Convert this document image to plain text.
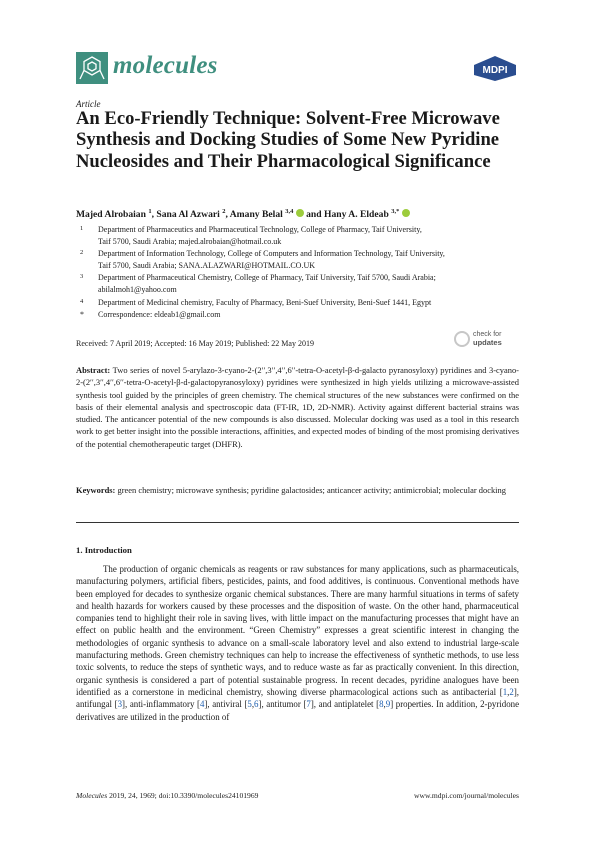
molecules	MDPI
Article
An Eco-Friendly Technique: Solvent-Free Microwave Synthesis and Docking Studies of Some New Pyridine Nucleosides and Their Pharmacological Significance
Majed Alrobaian $^1$, Sana Al Azwari $^2$, Amany Belal $^{3,4}$  and Hany A. Eldeab $^{3,*}$
1 Department of Pharmaceutics and Pharmaceutical Technology, College of Pharmacy, Taif University,
Taif 5700, Saudi Arabia; majed.alrobaian@hotmail.co.uk
2 Department of Information Technology, College of Computers and Information Technology, Taif University,
Taif 5700, Saudi Arabia; SANA.ALAZWARI@HOTMAIL.CO.UK
3 Department of Pharmaceutical Chemistry, College of Pharmacy, Taif University, Taif 5700, Saudi Arabia;
abilalmoh1@yahoo.com
4 Department of Medicinal chemistry, Faculty of Pharmacy, Beni-Suef University, Beni-Suef 1441, Egypt
* Correspondence: eldeab1@gmail.com
Received: 7 April 2019; Accepted: 16 May 2019; Published: 22 May 2019
check for
updates
Abstract: Two series of novel 5-arylazo-3-cyano-2-(2′′,3′′,4′′,6′′-tetra-O-acetyl-β-d-galacto pyranosyloxy) pyridines and 3-cyano-2-(2′′,3′′,4′′,6′′-tetra-O-acetyl-β-d-galactopyranosyloxy) pyridines were synthesized in high yields utilizing a microwave-assisted synthesis tool guided by the principles of green chemistry. The chemical structures of the new substances were confirmed on the basis of their elemental analysis and spectroscopic data (FT-IR, 1D, 2D-NMR). Activity against different bacterial strains was studied. The anticancer potential of the new compounds is also discussed. Molecular docking was used as a tool in this research work to get better insight into the possible interactions, affinities, and expected modes of binding of the most promising derivatives of the potential chemotherapeutic target (DHFR).
Keywords: green chemistry; microwave synthesis; pyridine galactosides; anticancer activity; antimicrobial; molecular docking
1. Introduction
The production of organic chemicals as reagents or raw substances for many applications, such as pharmaceuticals, manufacturing polymers, artificial fibers, pesticides, paints, and food additives, is continuous. Conventional methods have been employed for decades to synthesize organic chemical substances. There are many harmful situations in terms of safety and health hazards for workers caused by these processes and the disposition of waste. On the other hand, pharmaceutical companies tend to highlight their role in saving lives, with little impact on the manufacturing processes that might have an effect on public health and the environment. “Green Chemistry” expresses a great scientific interest in changing the methodologies of organic synthesis to advance on a small-scale laboratory level and also extend to industrial large-scale manufacturing methods. Green chemistry techniques can help to increase the effectiveness of synthetic methods, to use less toxic solvents, to reduce the steps of synthetic ways, and to reduce waste as far as practically convenient. In this direction, organic synthesis is considered a part of potential sustainable progress. In recent decades, pyridine analogues have been identified as a cornerstone in medicinal chemistry, showing diverse pharmacological actions such as antibacterial [1,2], antifungal [3], anti-inflammatory [4], antiviral [5,6], antitumor [7], and antiplatelet [8,9] properties. In addition, 2-pyridone derivatives are utilized in the production of
Molecules 2019, 24, 1969; doi:10.3390/molecules24101969	www.mdpi.com/journal/molecules
